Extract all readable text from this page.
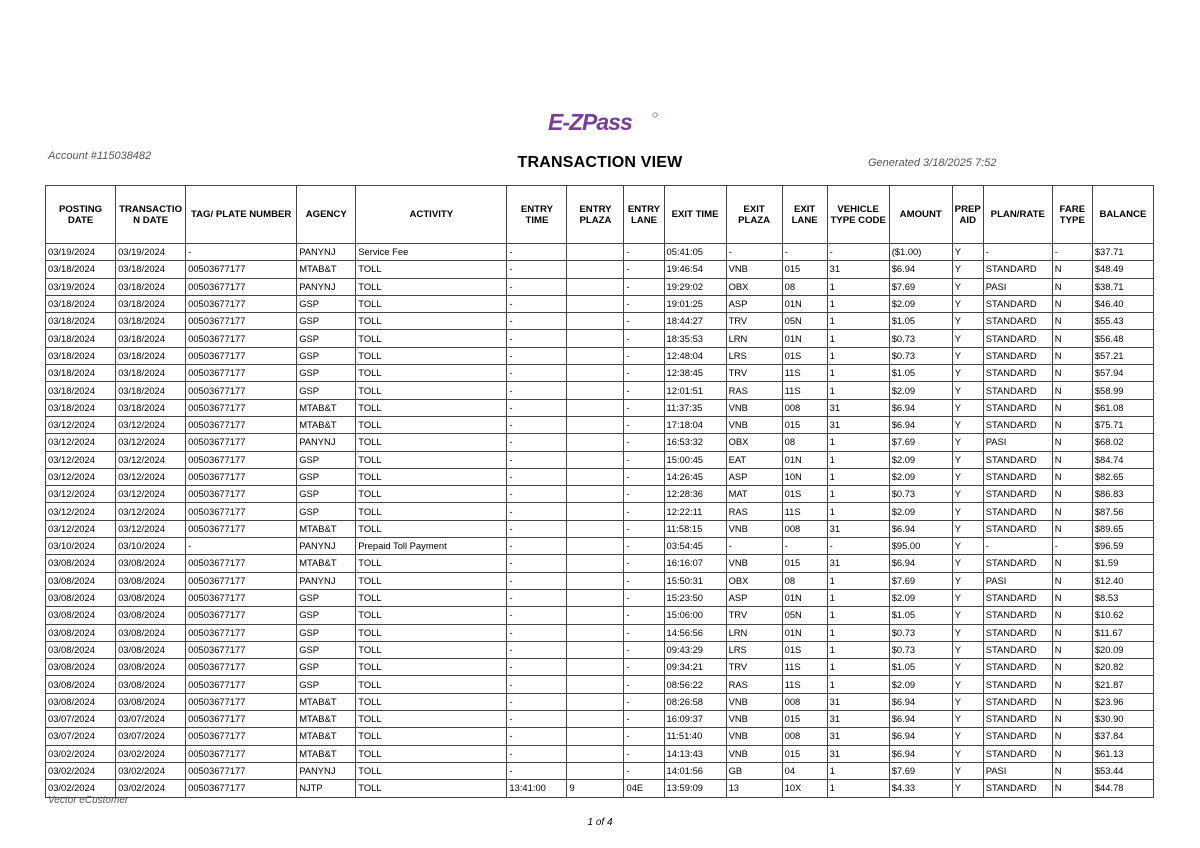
E-ZPass
Account #115038482	TRANSACTION VIEW	Generated 3/18/2025 7:52
POSTING DATE	TRANSACTIO N DATE	TAG/ PLATE NUMBER	AGENCY	ACTIVITY	ENTRY TIME	ENTRY PLAZA	ENTRY LANE	EXIT TIME	EXIT PLAZA	EXIT LANE	VEHICLE TYPE CODE	AMOUNT	PREP AID	PLAN/RATE	FARE TYPE	BALANCE
03/19/2024	03/19/2024	-	PANYNJ	Service Fee	-		-	05:41:05	-	-	-	($1.00)	Y	-	-	$37.71
03/18/2024	03/18/2024	00503677177	MTAB&T	TOLL	-		-	19:46:54	VNB	015	31	$6.94	Y	STANDARD	N	$48.49
03/19/2024	03/18/2024	00503677177	PANYNJ	TOLL	-		-	19:29:02	OBX	08	1	$7.69	Y	PASI	N	$38.71
03/18/2024	03/18/2024	00503677177	GSP	TOLL	-		-	19:01:25	ASP	01N	1	$2.09	Y	STANDARD	N	$46.40
03/18/2024	03/18/2024	00503677177	GSP	TOLL	-		-	18:44:27	TRV	05N	1	$1.05	Y	STANDARD	N	$55.43
03/18/2024	03/18/2024	00503677177	GSP	TOLL	-		-	18:35:53	LRN	01N	1	$0.73	Y	STANDARD	N	$56.48
03/18/2024	03/18/2024	00503677177	GSP	TOLL	-		-	12:48:04	LRS	01S	1	$0.73	Y	STANDARD	N	$57.21
03/18/2024	03/18/2024	00503677177	GSP	TOLL	-		-	12:38:45	TRV	11S	1	$1.05	Y	STANDARD	N	$57.94
03/18/2024	03/18/2024	00503677177	GSP	TOLL	-		-	12:01:51	RAS	11S	1	$2.09	Y	STANDARD	N	$58.99
03/18/2024	03/18/2024	00503677177	MTAB&T	TOLL	-		-	11:37:35	VNB	008	31	$6.94	Y	STANDARD	N	$61.08
03/12/2024	03/12/2024	00503677177	MTAB&T	TOLL	-		-	17:18:04	VNB	015	31	$6.94	Y	STANDARD	N	$75.71
03/12/2024	03/12/2024	00503677177	PANYNJ	TOLL	-		-	16:53:32	OBX	08	1	$7.69	Y	PASI	N	$68.02
03/12/2024	03/12/2024	00503677177	GSP	TOLL	-		-	15:00:45	EAT	01N	1	$2.09	Y	STANDARD	N	$84.74
03/12/2024	03/12/2024	00503677177	GSP	TOLL	-		-	14:26:45	ASP	10N	1	$2.09	Y	STANDARD	N	$82.65
03/12/2024	03/12/2024	00503677177	GSP	TOLL	-		-	12:28:36	MAT	01S	1	$0.73	Y	STANDARD	N	$86.83
03/12/2024	03/12/2024	00503677177	GSP	TOLL	-		-	12:22:11	RAS	11S	1	$2.09	Y	STANDARD	N	$87.56
03/12/2024	03/12/2024	00503677177	MTAB&T	TOLL	-		-	11:58:15	VNB	008	31	$6.94	Y	STANDARD	N	$89.65
03/10/2024	03/10/2024	-	PANYNJ	Prepaid Toll Payment	-		-	03:54:45	-	-	-	$95.00	Y	-	-	$96.59
03/08/2024	03/08/2024	00503677177	MTAB&T	TOLL	-		-	16:16:07	VNB	015	31	$6.94	Y	STANDARD	N	$1.59
03/08/2024	03/08/2024	00503677177	PANYNJ	TOLL	-		-	15:50:31	OBX	08	1	$7.69	Y	PASI	N	$12.40
03/08/2024	03/08/2024	00503677177	GSP	TOLL	-		-	15:23:50	ASP	01N	1	$2.09	Y	STANDARD	N	$8.53
03/08/2024	03/08/2024	00503677177	GSP	TOLL	-		-	15:06:00	TRV	05N	1	$1.05	Y	STANDARD	N	$10.62
03/08/2024	03/08/2024	00503677177	GSP	TOLL	-		-	14:56:56	LRN	01N	1	$0.73	Y	STANDARD	N	$11.67
03/08/2024	03/08/2024	00503677177	GSP	TOLL	-		-	09:43:29	LRS	01S	1	$0.73	Y	STANDARD	N	$20.09
03/08/2024	03/08/2024	00503677177	GSP	TOLL	-		-	09:34:21	TRV	11S	1	$1.05	Y	STANDARD	N	$20.82
03/08/2024	03/08/2024	00503677177	GSP	TOLL	-		-	08:56:22	RAS	11S	1	$2.09	Y	STANDARD	N	$21.87
03/08/2024	03/08/2024	00503677177	MTAB&T	TOLL	-		-	08:26:58	VNB	008	31	$6.94	Y	STANDARD	N	$23.96
03/07/2024	03/07/2024	00503677177	MTAB&T	TOLL	-		-	16:09:37	VNB	015	31	$6.94	Y	STANDARD	N	$30.90
03/07/2024	03/07/2024	00503677177	MTAB&T	TOLL	-		-	11:51:40	VNB	008	31	$6.94	Y	STANDARD	N	$37.84
03/02/2024	03/02/2024	00503677177	MTAB&T	TOLL	-		-	14:13:43	VNB	015	31	$6.94	Y	STANDARD	N	$61.13
03/02/2024	03/02/2024	00503677177	PANYNJ	TOLL	-		-	14:01:56	GB	04	1	$7.69	Y	PASI	N	$53.44
03/02/2024	03/02/2024	00503677177	NJTP	TOLL	13:41:00	9	04E	13:59:09	13	10X	1	$4.33	Y	STANDARD	N	$44.78
Vector eCustomer
1 of 4
